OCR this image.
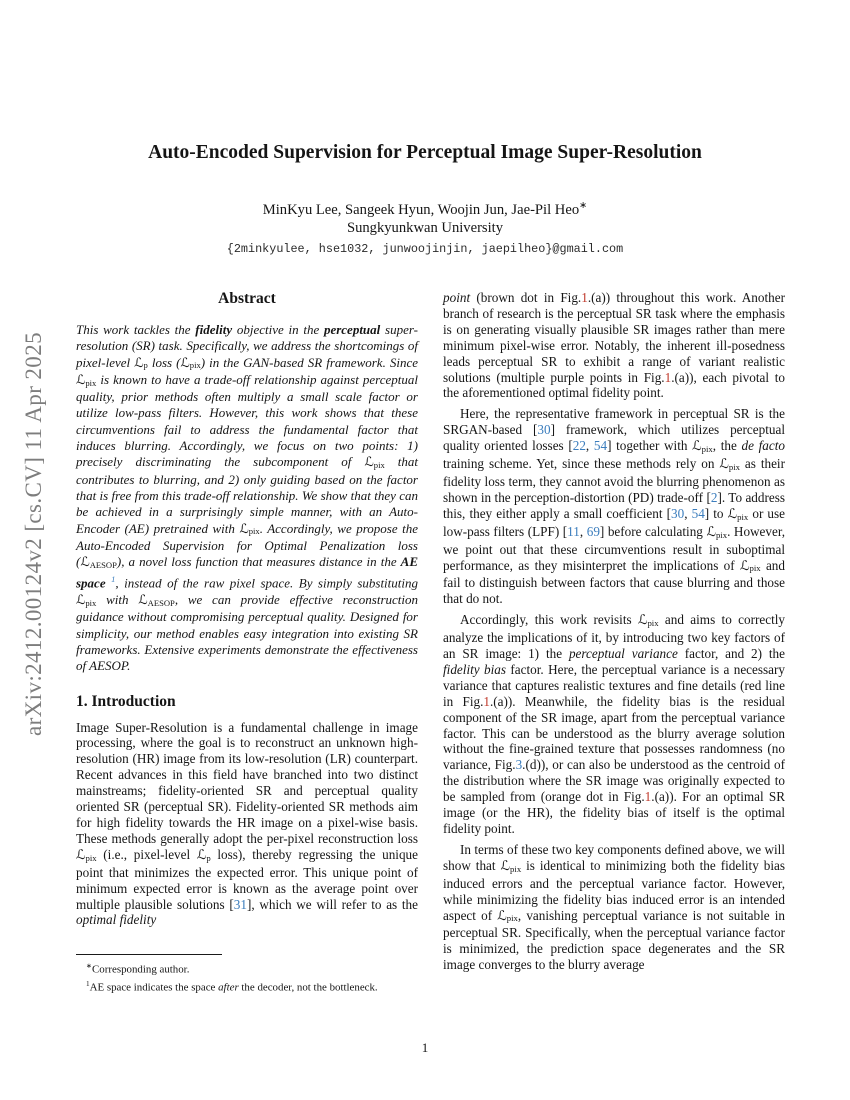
arXiv:2412.00124v2 [cs.CV] 11 Apr 2025
Auto-Encoded Supervision for Perceptual Image Super-Resolution
MinKyu Lee, Sangeek Hyun, Woojin Jun, Jae-Pil Heo∗
Sungkyunkwan University
{2minkyulee, hse1032, junwoojinjin, jaepilheo}@gmail.com
Abstract

This work tackles the fidelity objective in the perceptual super-resolution (SR) task. Specifically, we address the shortcomings of pixel-level ℒp loss (ℒpix) in the GAN-based SR framework. Since ℒpix is known to have a trade-off relationship against perceptual quality, prior methods often multiply a small scale factor or utilize low-pass filters. However, this work shows that these circumventions fail to address the fundamental factor that induces blurring. Accordingly, we focus on two points: 1) precisely discriminating the subcomponent of ℒpix that contributes to blurring, and 2) only guiding based on the factor that is free from this trade-off relationship. We show that they can be achieved in a surprisingly simple manner, with an Auto-Encoder (AE) pretrained with ℒpix. Accordingly, we propose the Auto-Encoded Supervision for Optimal Penalization loss (ℒAESOP), a novel loss function that measures distance in the AE space $^1$, instead of the raw pixel space. By simply substituting ℒpix with ℒAESOP, we can provide effective reconstruction guidance without compromising perceptual quality. Designed for simplicity, our method enables easy integration into existing SR frameworks. Extensive experiments demonstrate the effectiveness of AESOP.

1. Introduction

Image Super-Resolution is a fundamental challenge in image processing, where the goal is to reconstruct an unknown high-resolution (HR) image from its low-resolution (LR) counterpart. Recent advances in this field have branched into two distinct mainstreams; fidelity-oriented SR and perceptual quality oriented SR (perceptual SR). Fidelity-oriented SR methods aim for high fidelity towards the HR image on a pixel-wise basis. These methods generally adopt the per-pixel reconstruction loss ℒpix (i.e., pixel-level ℒp loss), thereby regressing the unique point that minimizes the expected error. This unique point of minimum expected error is known as the average point over multiple plausible solutions [31], which we will refer to as the optimal fidelity

point (brown dot in Fig.1.(a)) throughout this work. Another branch of research is the perceptual SR task where the emphasis is on generating visually plausible SR images rather than mere minimum pixel-wise error. Notably, the inherent ill-posedness leads perceptual SR to exhibit a range of variant realistic solutions (multiple purple points in Fig.1.(a)), each pivotal to the aforementioned optimal fidelity point.

Here, the representative framework in perceptual SR is the SRGAN-based [30] framework, which utilizes perceptual quality oriented losses [22, 54] together with ℒpix, the de facto training scheme. Yet, since these methods rely on ℒpix as their fidelity loss term, they cannot avoid the blurring phenomenon as shown in the perception-distortion (PD) trade-off [2]. To address this, they either apply a small coefficient [30, 54] to ℒpix or use low-pass filters (LPF) [11, 69] before calculating ℒpix. However, we point out that these circumventions result in suboptimal performance, as they misinterpret the implications of ℒpix and fail to distinguish between factors that cause blurring and those that do not.

Accordingly, this work revisits ℒpix and aims to correctly analyze the implications of it, by introducing two key factors of an SR image: 1) the perceptual variance factor, and 2) the fidelity bias factor. Here, the perceptual variance is a necessary variance that captures realistic textures and fine details (red line in Fig.1.(a)). Meanwhile, the fidelity bias is the residual component of the SR image, apart from the perceptual variance factor. This can be understood as the blurry average solution without the fine-grained texture that possesses randomness (no variance, Fig.3.(d)), or can also be understood as the centroid of the distribution where the SR image was originally expected to be sampled from (orange dot in Fig.1.(a)). For an optimal SR image (or the HR), the fidelity bias of itself is the optimal fidelity point.

In terms of these two key components defined above, we will show that ℒpix is identical to minimizing both the fidelity bias induced errors and the perceptual variance factor. However, while minimizing the fidelity bias induced error is an intended aspect of ℒpix, vanishing perceptual variance is not suitable in perceptual SR. Specifically, when the perceptual variance factor is minimized, the prediction space degenerates and the SR image converges to the blurry average

∗Corresponding author.

$^1$AE space indicates the space after the decoder, not the bottleneck.

1
